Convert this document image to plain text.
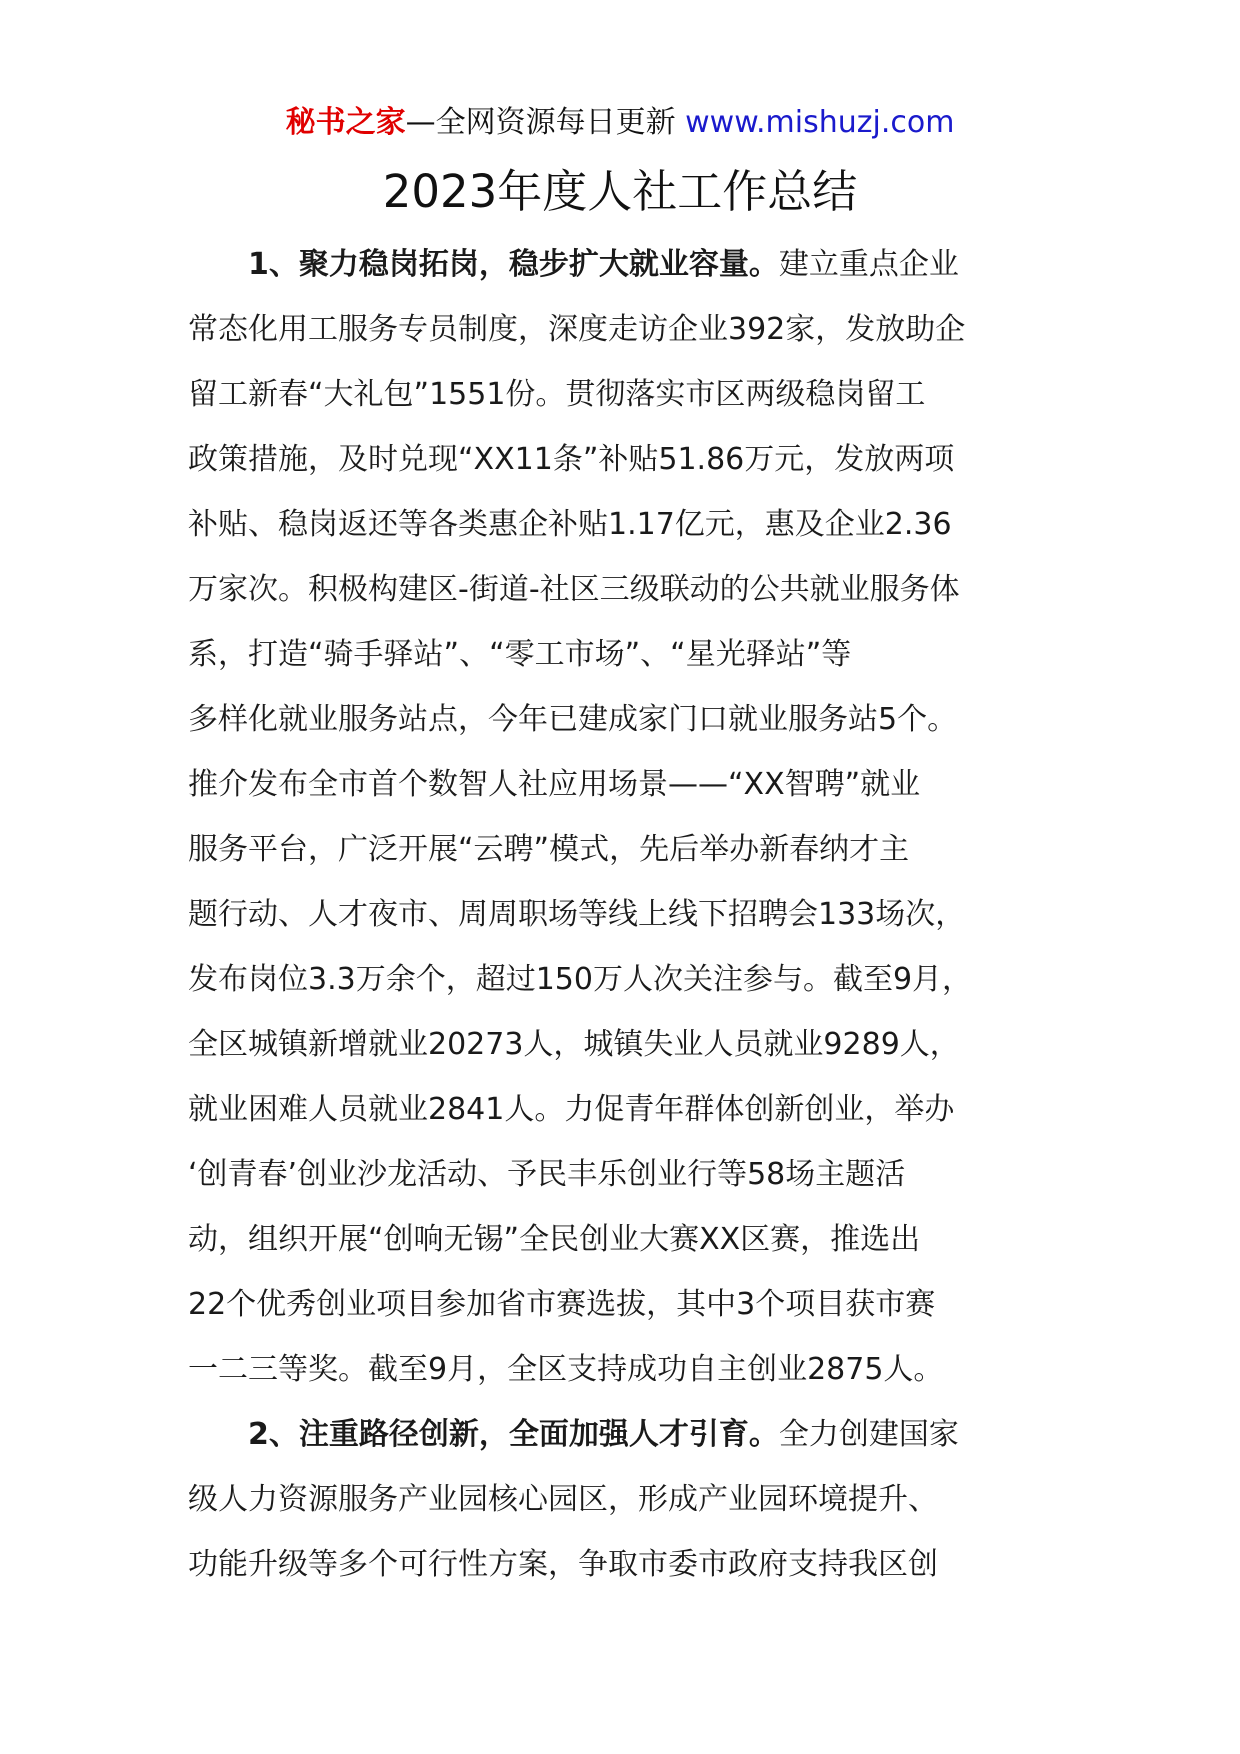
秘书之家—全网资源每日更新 www.mishuzj.com
2023年度人社工作总结
1、聚力稳岗拓岗，稳步扩大就业容量。建立重点企业
常态化用工服务专员制度，深度走访企业392家，发放助企
留工新春“大礼包”1551份。贯彻落实市区两级稳岗留工
政策措施，及时兑现“XX11条”补贴51.86万元，发放两项
补贴、稳岗返还等各类惠企补贴1.17亿元，惠及企业2.36
万家次。积极构建区-街道-社区三级联动的公共就业服务体
系，打造“骑手驿站”、“零工市场”、“星光驿站”等
多样化就业服务站点，今年已建成家门口就业服务站5个。
推介发布全市首个数智人社应用场景——“XX智聘”就业
服务平台，广泛开展“云聘”模式，先后举办新春纳才主
题行动、人才夜市、周周职场等线上线下招聘会133场次，
发布岗位3.3万余个，超过150万人次关注参与。截至9月，
全区城镇新增就业20273人，城镇失业人员就业9289人，
就业困难人员就业2841人。力促青年群体创新创业，举办
‘创青春’创业沙龙活动、予民丰乐创业行等58场主题活
动，组织开展“创响无锡”全民创业大赛XX区赛，推选出
22个优秀创业项目参加省市赛选拔，其中3个项目获市赛
一二三等奖。截至9月，全区支持成功自主创业2875人。
2、注重路径创新，全面加强人才引育。全力创建国家
级人力资源服务产业园核心园区，形成产业园环境提升、
功能升级等多个可行性方案，争取市委市政府支持我区创
